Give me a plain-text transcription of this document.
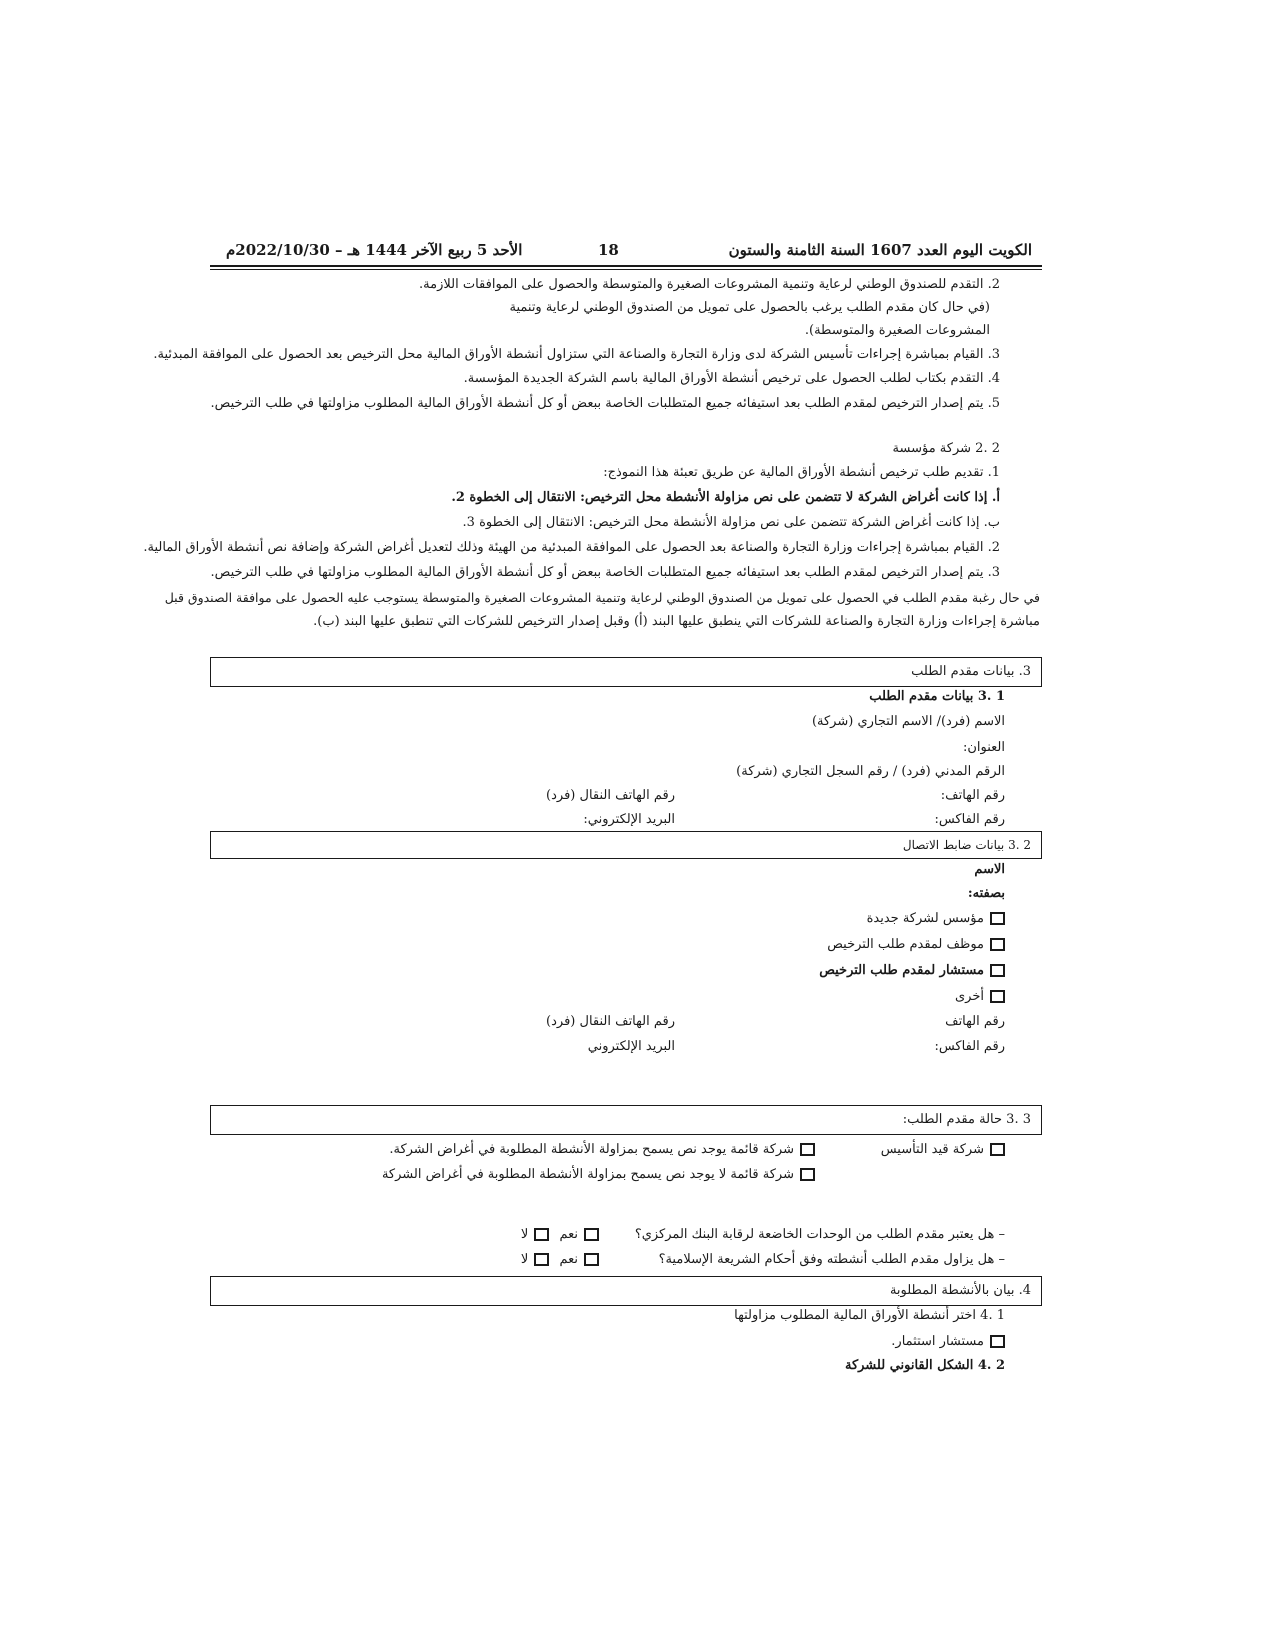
الكويت اليوم العدد 1607 السنة الثامنة والستون
18
الأحد 5 ربيع الآخر 1444 هـ – 2022/10/30م
2. التقدم للصندوق الوطني لرعاية وتنمية المشروعات الصغيرة والمتوسطة والحصول على الموافقات اللازمة.
(في حال كان مقدم الطلب يرغب بالحصول على تمويل من الصندوق الوطني لرعاية وتنمية
المشروعات الصغيرة والمتوسطة).
3. القيام بمباشرة إجراءات تأسيس الشركة لدى وزارة التجارة والصناعة التي ستزاول أنشطة الأوراق المالية محل الترخيص بعد الحصول على الموافقة المبدئية.
4. التقدم بكتاب لطلب الحصول على ترخيص أنشطة الأوراق المالية باسم الشركة الجديدة المؤسسة.
5. يتم إصدار الترخيص لمقدم الطلب بعد استيفائه جميع المتطلبات الخاصة ببعض أو كل أنشطة الأوراق المالية المطلوب مزاولتها في طلب الترخيص.
2 .2 شركة مؤسسة
1. تقديم طلب ترخيص أنشطة الأوراق المالية عن طريق تعبئة هذا النموذج:
أ. إذا كانت أغراض الشركة لا تتضمن على نص مزاولة الأنشطة محل الترخيص: الانتقال إلى الخطوة 2.
ب. إذا كانت أغراض الشركة تتضمن على نص مزاولة الأنشطة محل الترخيص: الانتقال إلى الخطوة 3.
2. القيام بمباشرة إجراءات وزارة التجارة والصناعة بعد الحصول على الموافقة المبدئية من الهيئة وذلك لتعديل أغراض الشركة وإضافة نص أنشطة الأوراق المالية.
3. يتم إصدار الترخيص لمقدم الطلب بعد استيفائه جميع المتطلبات الخاصة ببعض أو كل أنشطة الأوراق المالية المطلوب مزاولتها في طلب الترخيص.
في حال رغبة مقدم الطلب في الحصول على تمويل من الصندوق الوطني لرعاية وتنمية المشروعات الصغيرة والمتوسطة يستوجب عليه الحصول على موافقة الصندوق قبل
مباشرة إجراءات وزارة التجارة والصناعة للشركات التي ينطبق عليها البند (أ) وقبل إصدار الترخيص للشركات التي تنطبق عليها البند (ب).
3. بيانات مقدم الطلب
1 .3 بيانات مقدم الطلب
الاسم (فرد)/ الاسم التجاري (شركة)
العنوان:
الرقم المدني (فرد) / رقم السجل التجاري (شركة)
رقم الهاتف:
رقم الهاتف النقال (فرد)
رقم الفاكس:
البريد الإلكتروني:
2 .3 بيانات ضابط الاتصال
الاسم
بصفته:
مؤسس لشركة جديدة
موظف لمقدم طلب الترخيص
مستشار لمقدم طلب الترخيص
أخرى
رقم الهاتف
رقم الهاتف النقال (فرد)
رقم الفاكس:
البريد الإلكتروني
3 .3 حالة مقدم الطلب:
شركة قيد التأسيس
شركة قائمة يوجد نص يسمح بمزاولة الأنشطة المطلوبة في أغراض الشركة.
شركة قائمة لا يوجد نص يسمح بمزاولة الأنشطة المطلوبة في أغراض الشركة
– هل يعتبر مقدم الطلب من الوحدات الخاضعة لرقابة البنك المركزي؟
نعم لا
– هل يزاول مقدم الطلب أنشطته وفق أحكام الشريعة الإسلامية؟
نعم لا
4. بيان بالأنشطة المطلوبة
1 .4 اختر أنشطة الأوراق المالية المطلوب مزاولتها
مستشار استثمار.
2 .4 الشكل القانوني للشركة
